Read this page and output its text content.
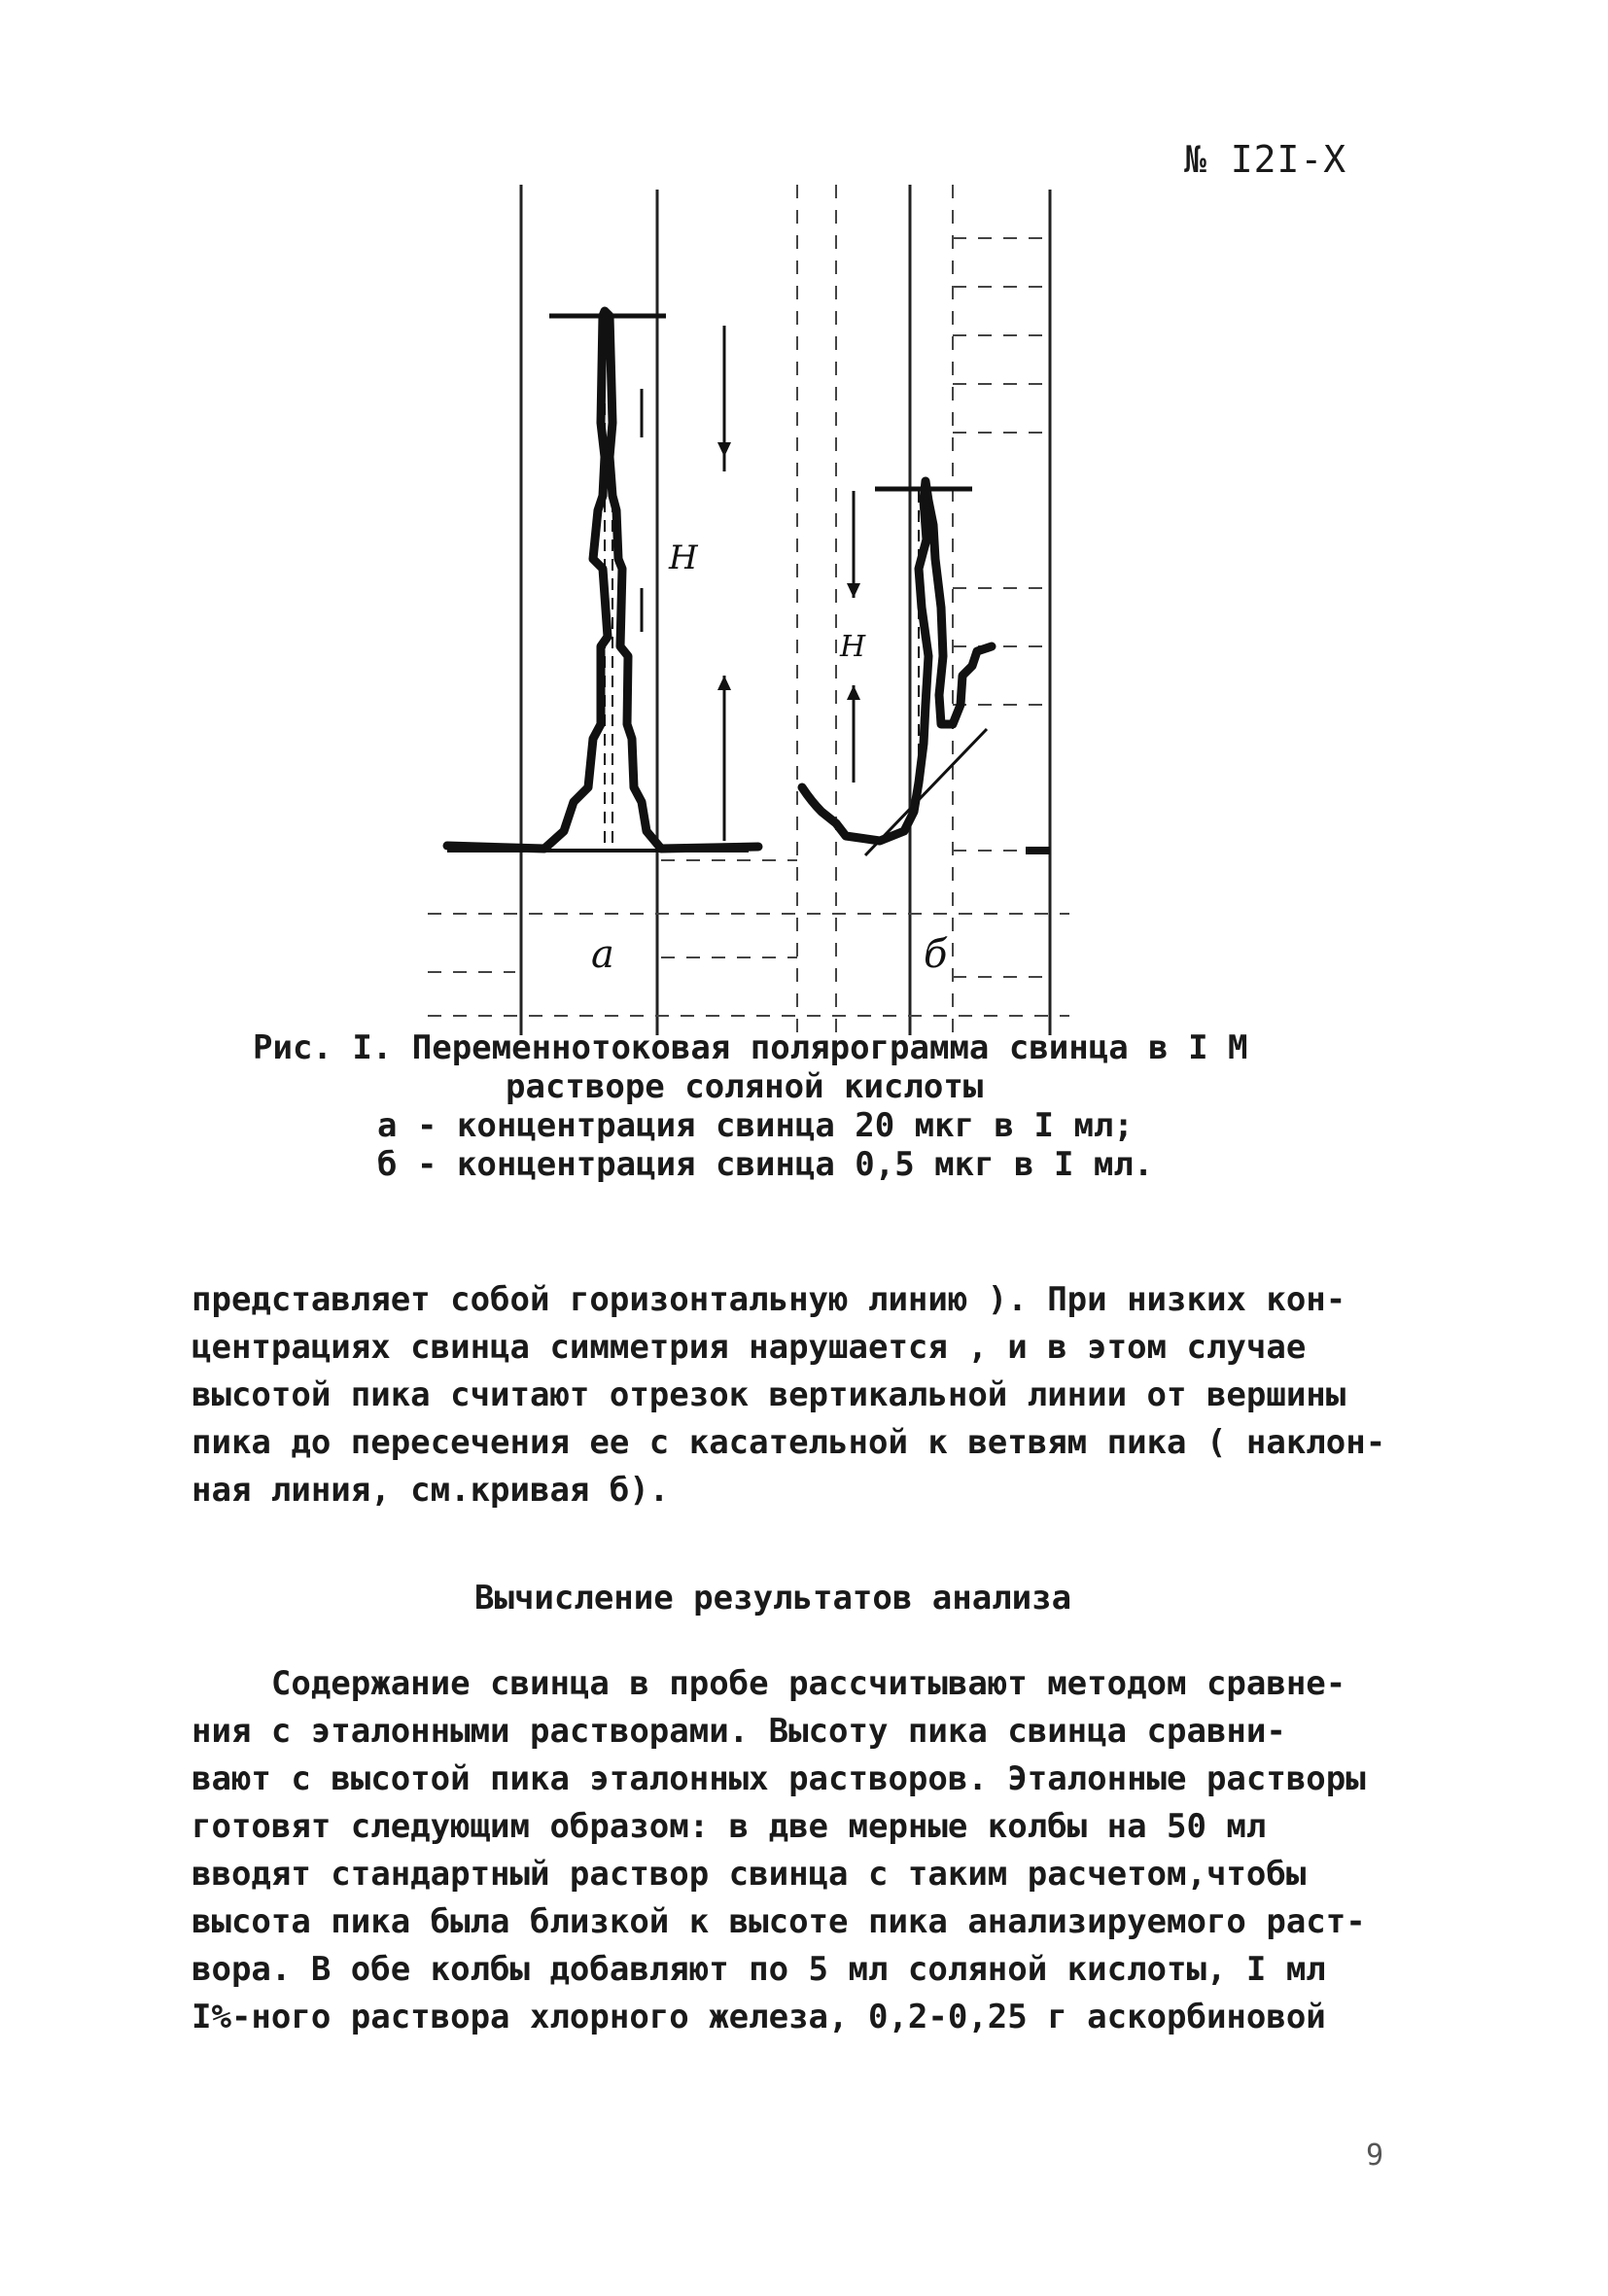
№ I2I-X
H
H
а	б
Рис. I. Переменнотоковая полярограмма свинца в I М
растворе соляной кислоты
а - концентрация свинца 20 мкг в I мл;
б - концентрация свинца 0,5 мкг в I мл.
представляет собой горизонтальную линию ). При низких кон-
центрациях свинца симметрия нарушается , и в этом случае
высотой пика считают отрезок вертикальной линии от вершины
пика до пересечения ее с касательной к ветвям пика ( наклон-
ная линия, см.кривая б).
Вычисление результатов анализа
Содержание свинца в пробе рассчитывают методом сравне-
ния с эталонными растворами. Высоту пика свинца сравни-
вают с высотой пика эталонных растворов. Эталонные растворы
готовят следующим образом: в две мерные колбы на 50 мл
вводят стандартный раствор свинца с таким расчетом,чтобы
высота пика была близкой к высоте пика анализируемого раст-
вора. В обе колбы добавляют по 5 мл соляной кислоты, I мл
I%-ного раствора хлорного железа, 0,2-0,25 г аскорбиновой
9
